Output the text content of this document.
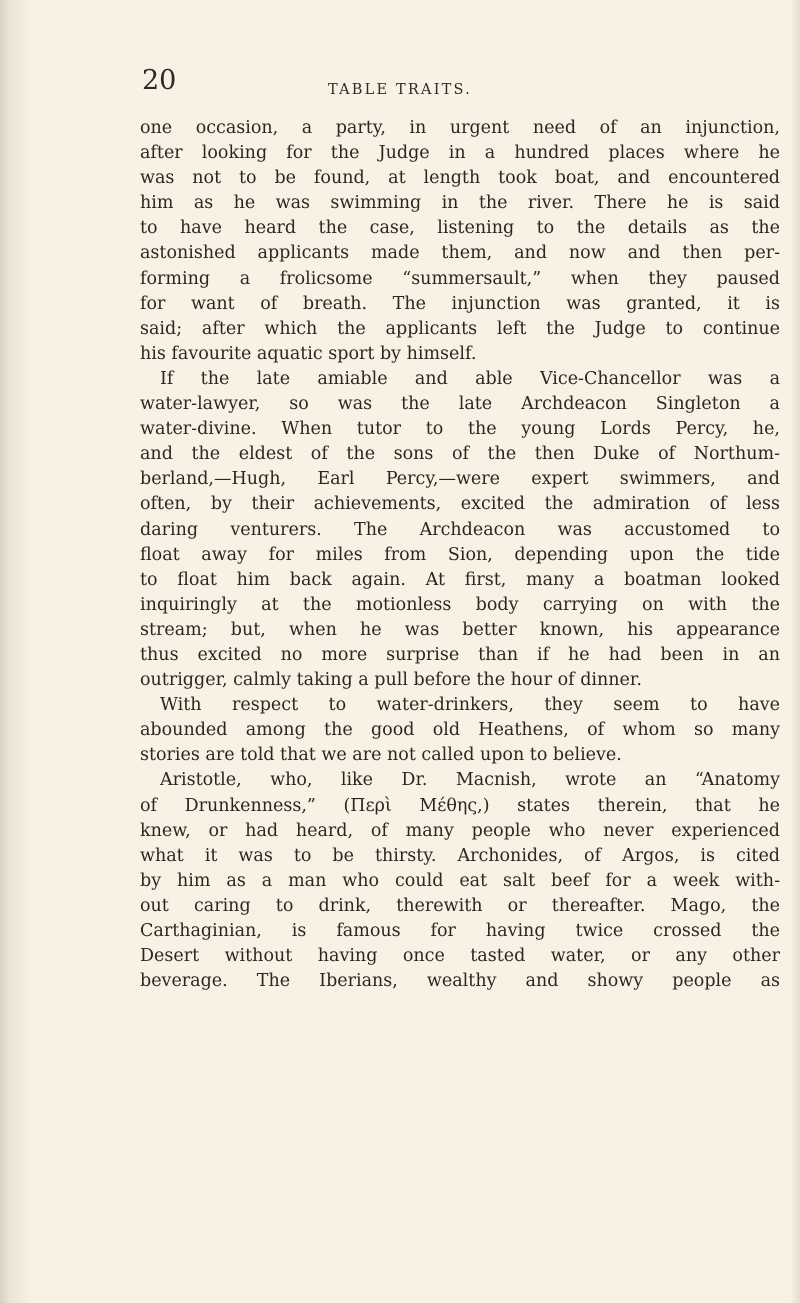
20	TABLE TRAITS.
one occasion, a party, in urgent need of an injunction,
after looking for the Judge in a hundred places where he
was not to be found, at length took boat, and encountered
him as he was swimming in the river. There he is said
to have heard the case, listening to the details as the
astonished applicants made them, and now and then per-
forming a frolicsome “summersault,” when they paused
for want of breath. The injunction was granted, it is
said; after which the applicants left the Judge to continue
his favourite aquatic sport by himself.
If the late amiable and able Vice-Chancellor was a
water-lawyer, so was the late Archdeacon Singleton a
water-divine. When tutor to the young Lords Percy, he,
and the eldest of the sons of the then Duke of Northum-
berland,—Hugh, Earl Percy,—were expert swimmers, and
often, by their achievements, excited the admiration of less
daring venturers. The Archdeacon was accustomed to
float away for miles from Sion, depending upon the tide
to float him back again. At first, many a boatman looked
inquiringly at the motionless body carrying on with the
stream; but, when he was better known, his appearance
thus excited no more surprise than if he had been in an
outrigger, calmly taking a pull before the hour of dinner.
With respect to water-drinkers, they seem to have
abounded among the good old Heathens, of whom so many
stories are told that we are not called upon to believe.
Aristotle, who, like Dr. Macnish, wrote an “Anatomy
of Drunkenness,” (Περὶ Μέθης,) states therein, that he
knew, or had heard, of many people who never experienced
what it was to be thirsty. Archonides, of Argos, is cited
by him as a man who could eat salt beef for a week with-
out caring to drink, therewith or thereafter. Mago, the
Carthaginian, is famous for having twice crossed the
Desert without having once tasted water, or any other
beverage. The Iberians, wealthy and showy people as
